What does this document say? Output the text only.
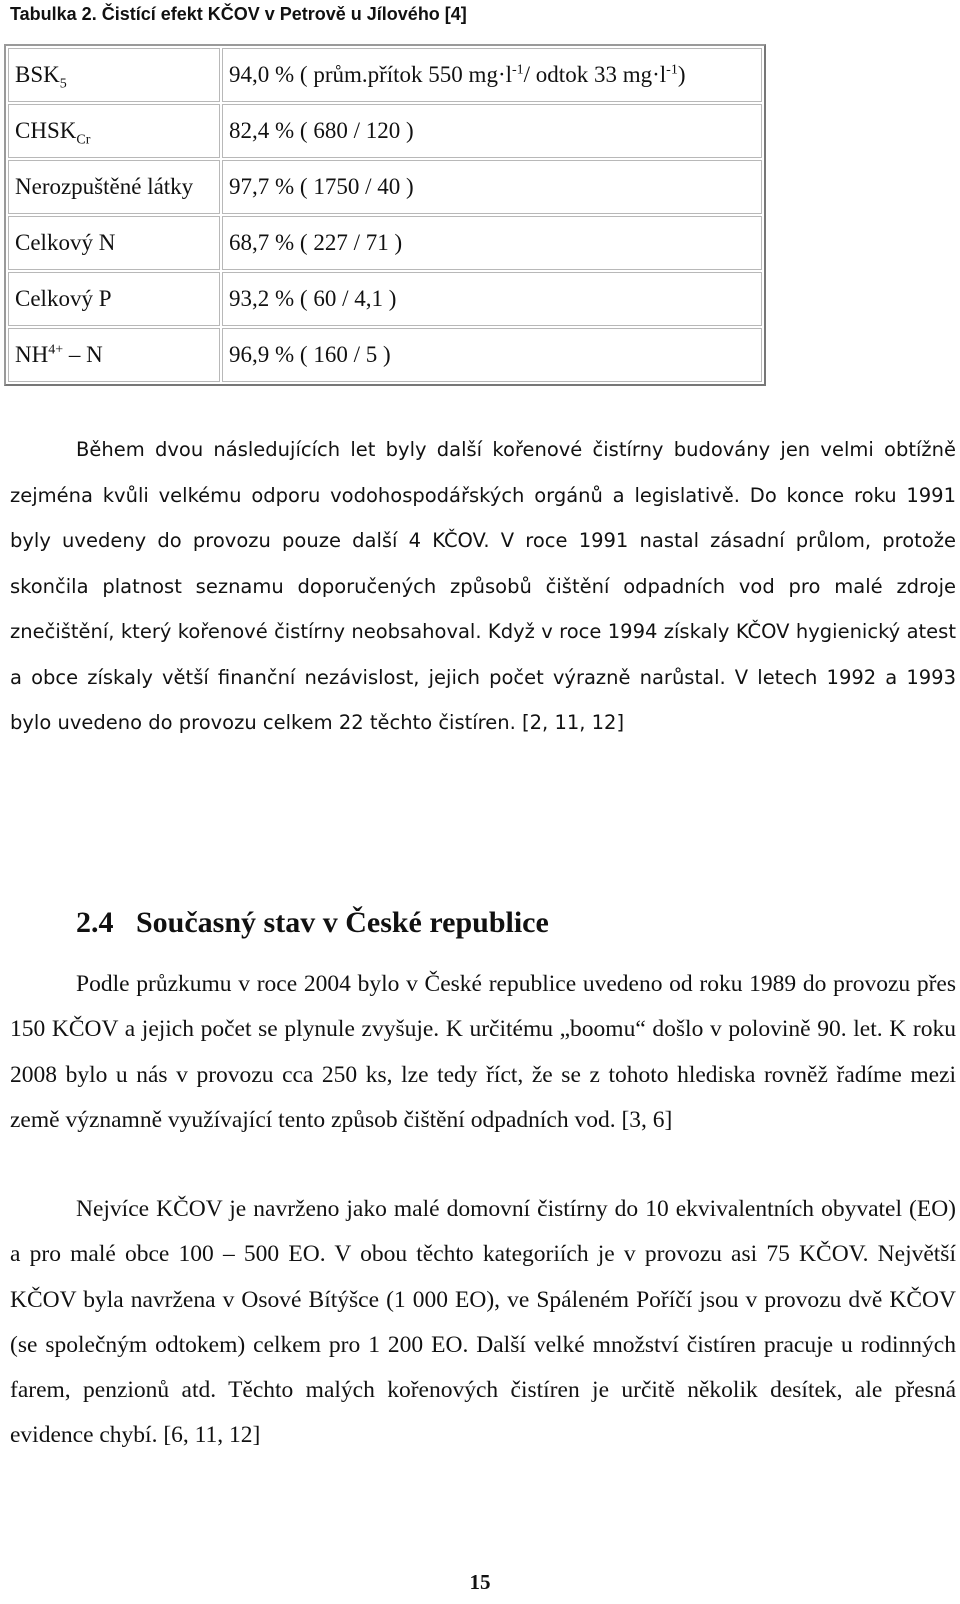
Tabulka 2. Čistící efekt KČOV v Petrově u Jílového [4]
$BSK_5$	94,0 % ( prům.přítok 550 $mg\cdot l^{-1}/$ odtok 33 $mg\cdot l^{-1}$)
$CHSK_{Cr}$	82,4 % ( 680 / 120 )
Nerozpuštěné látky	97,7 % ( 1750 / 40 )
Celkový N	68,7 % ( 227 / 71 )
Celkový P	93,2 % ( 60 / 4,1 )
$NH^{4+}$ – N	96,9 % ( 160 / 5 )

Během dvou následujících let byly další kořenové čistírny budovány jen velmi obtížně zejména kvůli velkému odporu vodohospodářských orgánů a legislativě. Do konce roku 1991 byly uvedeny do provozu pouze další 4 KČOV. V roce 1991 nastal zásadní průlom, protože skončila platnost seznamu doporučených způsobů čištění odpadních vod pro malé zdroje znečištění, který kořenové čistírny neobsahoval. Když v roce 1994 získaly KČOV hygienický atest a obce získaly větší finanční nezávislost, jejich počet výrazně narůstal. V letech 1992 a 1993 bylo uvedeno do provozu celkem 22 těchto čistíren. [2, 11, 12]

2.4 Současný stav v České republice

Podle průzkumu v roce 2004 bylo v České republice uvedeno od roku 1989 do provozu přes 150 KČOV a jejich počet se plynule zvyšuje. K určitému „boomu“ došlo v polovině 90. let. K roku 2008 bylo u nás v provozu cca 250 ks, lze tedy říct, že se z tohoto hlediska rovněž řadíme mezi země významně využívající tento způsob čištění odpadních vod. [3, 6]

Nejvíce KČOV je navrženo jako malé domovní čistírny do 10 ekvivalentních obyvatel (EO) a pro malé obce 100 – 500 EO. V obou těchto kategoriích je v provozu asi 75 KČOV. Největší KČOV byla navržena v Osové Bítýšce (1 000 EO), ve Spáleném Poříčí jsou v provozu dvě KČOV (se společným odtokem) celkem pro 1 200 EO. Další velké množství čistíren pracuje u rodinných farem, penzionů atd. Těchto malých kořenových čistíren je určitě několik desítek, ale přesná evidence chybí. [6, 11, 12]

15
